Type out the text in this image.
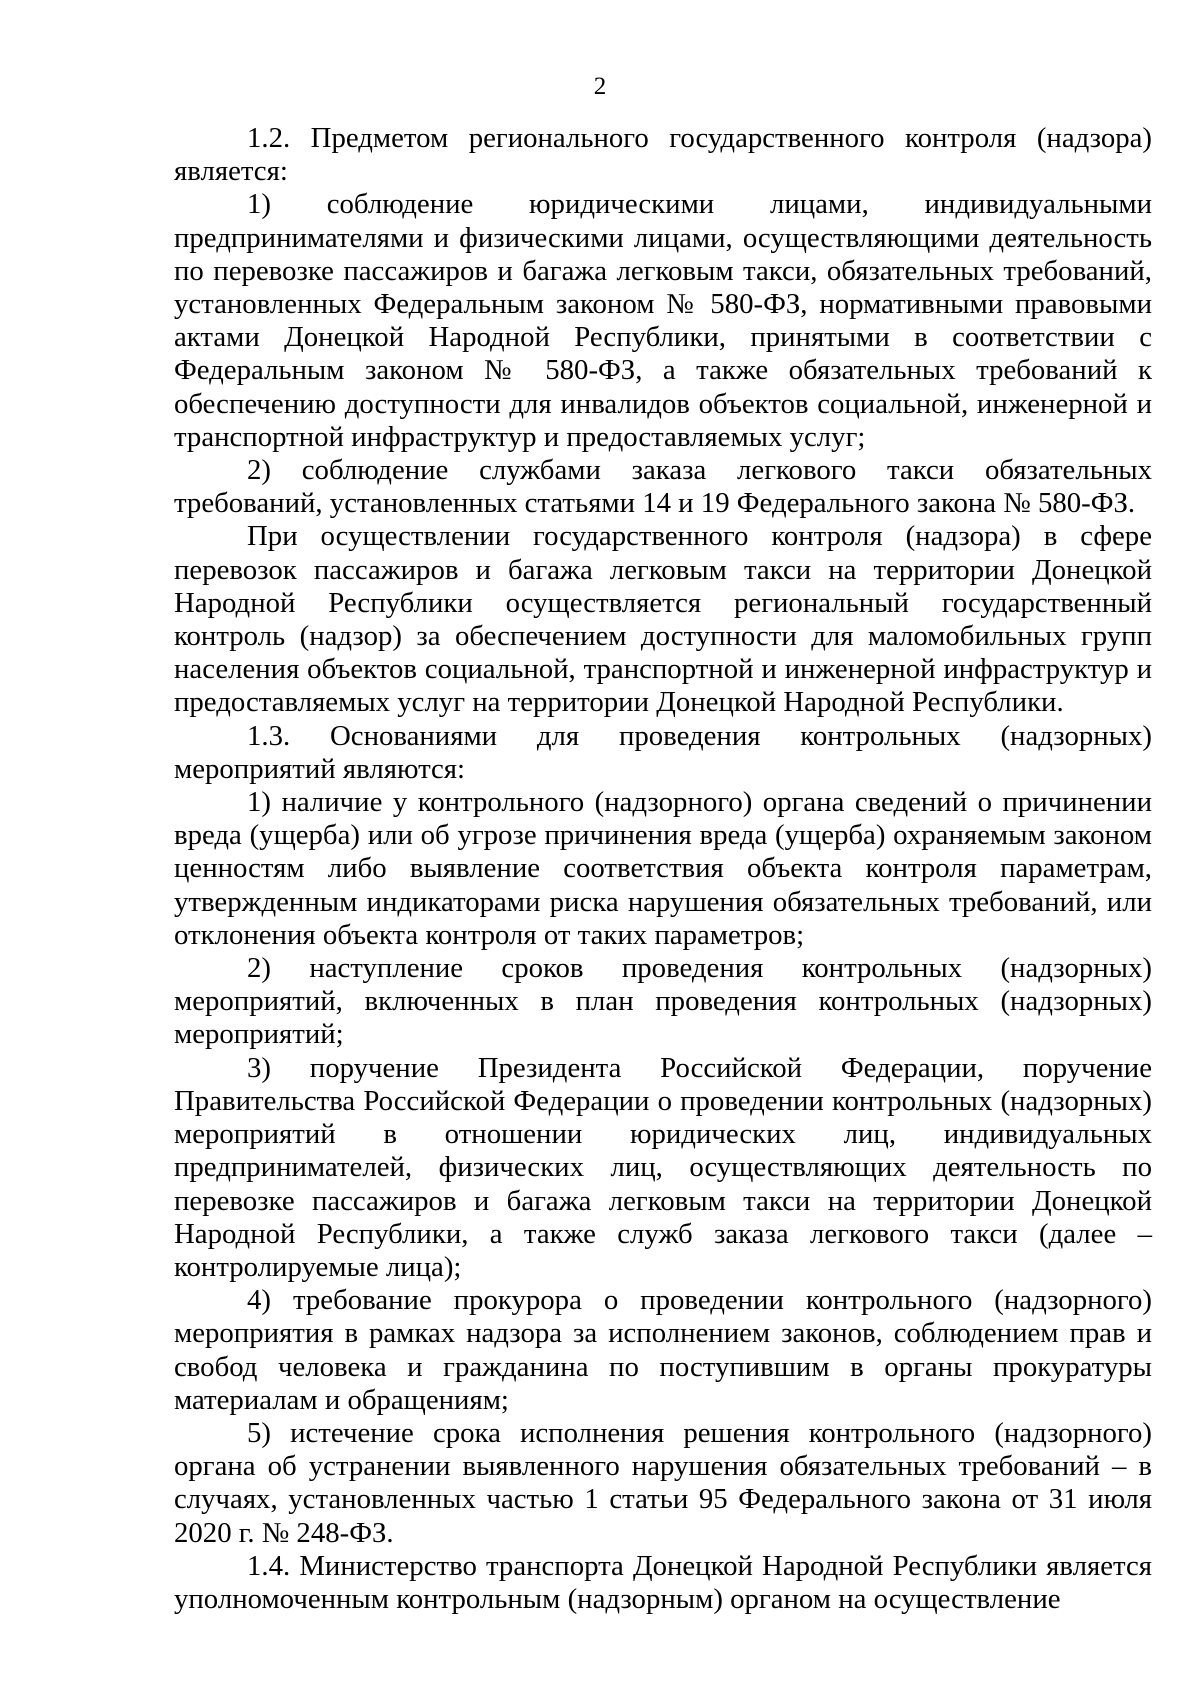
2

1.2. Предметом регионального государственного контроля (надзора) является:

1) соблюдение юридическими лицами, индивидуальными предпринимателями и физическими лицами, осуществляющими деятельность по перевозке пассажиров и багажа легковым такси, обязательных требований, установленных Федеральным законом № 580-ФЗ, нормативными правовыми актами Донецкой Народной Республики, принятыми в соответствии с Федеральным законом № 580-ФЗ, а также обязательных требований к обеспечению доступности для инвалидов объектов социальной, инженерной и транспортной инфраструктур и предоставляемых услуг;

2) соблюдение службами заказа легкового такси обязательных требований, установленных статьями 14 и 19 Федерального закона № 580-ФЗ.

При осуществлении государственного контроля (надзора) в сфере перевозок пассажиров и багажа легковым такси на территории Донецкой Народной Республики осуществляется региональный государственный контроль (надзор) за обеспечением доступности для маломобильных групп населения объектов социальной, транспортной и инженерной инфраструктур и предоставляемых услуг на территории Донецкой Народной Республики.

1.3. Основаниями для проведения контрольных (надзорных) мероприятий являются:

1) наличие у контрольного (надзорного) органа сведений о причинении вреда (ущерба) или об угрозе причинения вреда (ущерба) охраняемым законом ценностям либо выявление соответствия объекта контроля параметрам, утвержденным индикаторами риска нарушения обязательных требований, или отклонения объекта контроля от таких параметров;

2) наступление сроков проведения контрольных (надзорных) мероприятий, включенных в план проведения контрольных (надзорных) мероприятий;

3) поручение Президента Российской Федерации, поручение Правительства Российской Федерации о проведении контрольных (надзорных) мероприятий в отношении юридических лиц, индивидуальных предпринимателей, физических лиц, осуществляющих деятельность по перевозке пассажиров и багажа легковым такси на территории Донецкой Народной Республики, а также служб заказа легкового такси (далее – контролируемые лица);

4) требование прокурора о проведении контрольного (надзорного) мероприятия в рамках надзора за исполнением законов, соблюдением прав и свобод человека и гражданина по поступившим в органы прокуратуры материалам и обращениям;

5) истечение срока исполнения решения контрольного (надзорного) органа об устранении выявленного нарушения обязательных требований – в случаях, установленных частью 1 статьи 95 Федерального закона от 31 июля 2020 г. № 248-ФЗ.

1.4. Министерство транспорта Донецкой Народной Республики является уполномоченным контрольным (надзорным) органом на осуществление
